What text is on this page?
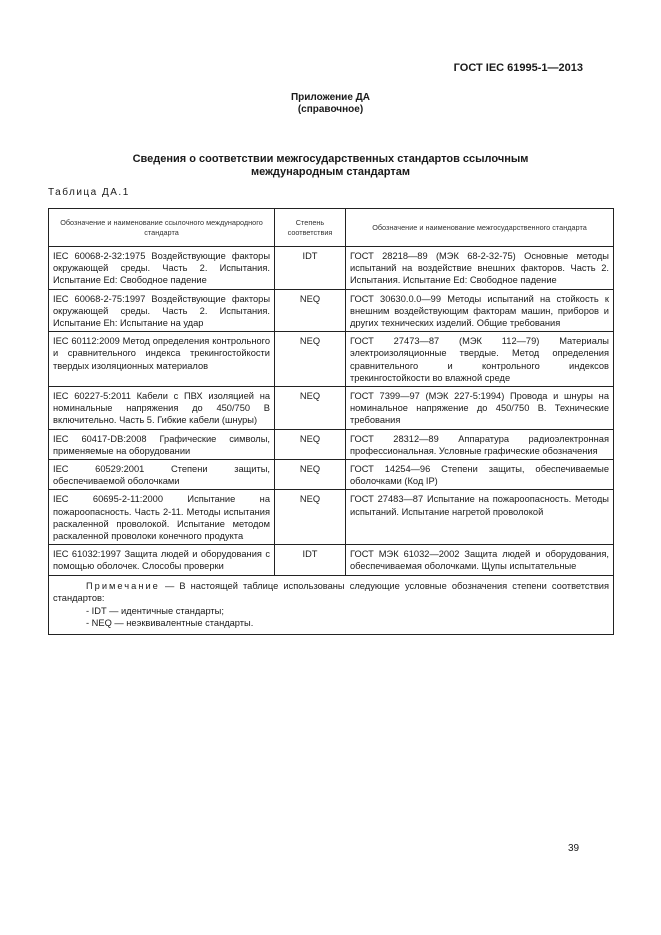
ГОСТ IEC 61995-1—2013
Приложение ДА
(справочное)
Сведения о соответствии межгосударственных стандартов ссылочным
международным стандартам
Таблица ДА.1
Обозначение и наименование ссылочного международного стандарта	Степень соответствия	Обозначение и наименование межгосударственного стандарта
IEC 60068-2-32:1975 Воздействующие факторы окружающей среды. Часть 2. Испытания. Испытание Ed: Свободное падение	IDT	ГОСТ 28218—89 (МЭК 68-2-32-75) Основные методы испытаний на воздействие внешних факторов. Часть 2. Испытания. Испытание Ed: Свободное падение
IEC 60068-2-75:1997 Воздействующие факторы окружающей среды. Часть 2. Испытания. Испытание Eh: Испытание на удар	NEQ	ГОСТ 30630.0.0—99 Методы испытаний на стойкость к внешним воздействующим факторам машин, приборов и других технических изделий. Общие требования
IEC 60112:2009 Метод определения контрольного и сравнительного индекса трекингостойкости твердых изоляционных материалов	NEQ	ГОСТ 27473—87 (МЭК 112—79) Материалы электроизоляционные твердые. Метод определения сравнительного и контрольного индексов трекингостойкости во влажной среде
IEC 60227-5:2011 Кабели с ПВХ изоляцией на номинальные напряжения до 450/750 В включительно. Часть 5. Гибкие кабели (шнуры)	NEQ	ГОСТ 7399—97 (МЭК 227-5:1994) Провода и шнуры на номинальное напряжение до 450/750 В. Технические требования
IEC 60417-DB:2008 Графические символы, применяемые на оборудовании	NEQ	ГОСТ 28312—89 Аппаратура радиоэлектронная профессиональная. Условные графические обозначения
IEC 60529:2001 Степени защиты, обеспечиваемой оболочками	NEQ	ГОСТ 14254—96 Степени защиты, обеспечиваемые оболочками (Код IP)
IEC 60695-2-11:2000 Испытание на пожароопасность. Часть 2-11. Методы испытания раскаленной проволокой. Испытание методом раскаленной проволоки конечного продукта	NEQ	ГОСТ 27483—87 Испытание на пожароопасность. Методы испытаний. Испытание нагретой проволокой
IEC 61032:1997 Защита людей и оборудования с помощью оболочек. Слособы проверки	IDT	ГОСТ МЭК 61032—2002 Защита людей и оборудования, обеспечиваемая оболочками. Щупы испытательные
Примечание — В настоящей таблице использованы следующие условные обозначения степени соответствия стандартов:
- IDT — идентичные стандарты;
- NEQ — неэквивалентные стандарты.		
39
